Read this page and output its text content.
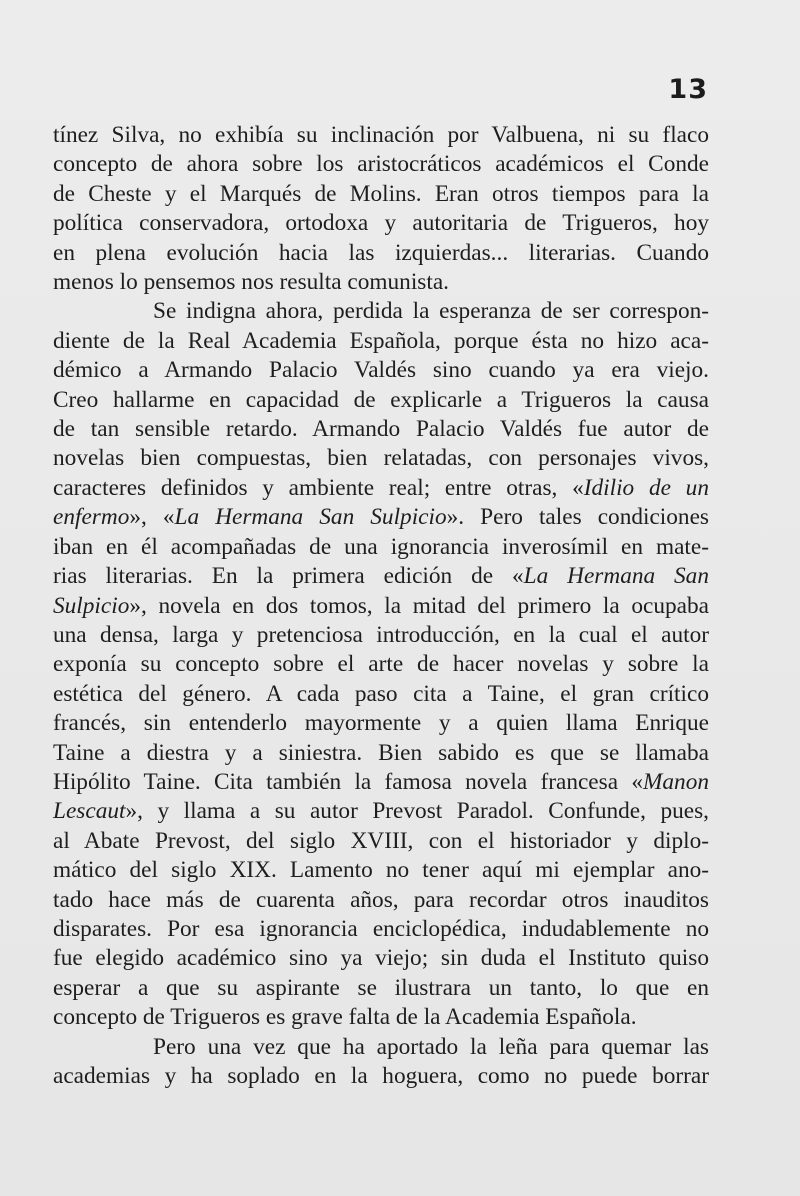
13
tínez Silva, no exhibía su inclinación por Valbuena, ni su flaco
concepto de ahora sobre los aristocráticos académicos el Conde
de Cheste y el Marqués de Molins. Eran otros tiempos para la
política conservadora, ortodoxa y autoritaria de Trigueros, hoy
en plena evolución hacia las izquierdas... literarias. Cuando
menos lo pensemos nos resulta comunista.
Se indigna ahora, perdida la esperanza de ser correspon-
diente de la Real Academia Española, porque ésta no hizo aca-
démico a Armando Palacio Valdés sino cuando ya era viejo.
Creo hallarme en capacidad de explicarle a Trigueros la causa
de tan sensible retardo. Armando Palacio Valdés fue autor de
novelas bien compuestas, bien relatadas, con personajes vivos,
caracteres definidos y ambiente real; entre otras, «Idilio de un
enfermo», «La Hermana San Sulpicio». Pero tales condiciones
iban en él acompañadas de una ignorancia inverosímil en mate-
rias literarias. En la primera edición de «La Hermana San
Sulpicio», novela en dos tomos, la mitad del primero la ocupaba
una densa, larga y pretenciosa introducción, en la cual el autor
exponía su concepto sobre el arte de hacer novelas y sobre la
estética del género. A cada paso cita a Taine, el gran crítico
francés, sin entenderlo mayormente y a quien llama Enrique
Taine a diestra y a siniestra. Bien sabido es que se llamaba
Hipólito Taine. Cita también la famosa novela francesa «Manon
Lescaut», y llama a su autor Prevost Paradol. Confunde, pues,
al Abate Prevost, del siglo XVIII, con el historiador y diplo-
mático del siglo XIX. Lamento no tener aquí mi ejemplar ano-
tado hace más de cuarenta años, para recordar otros inauditos
disparates. Por esa ignorancia enciclopédica, indudablemente no
fue elegido académico sino ya viejo; sin duda el Instituto quiso
esperar a que su aspirante se ilustrara un tanto, lo que en
concepto de Trigueros es grave falta de la Academia Española.
Pero una vez que ha aportado la leña para quemar las
academias y ha soplado en la hoguera, como no puede borrar
